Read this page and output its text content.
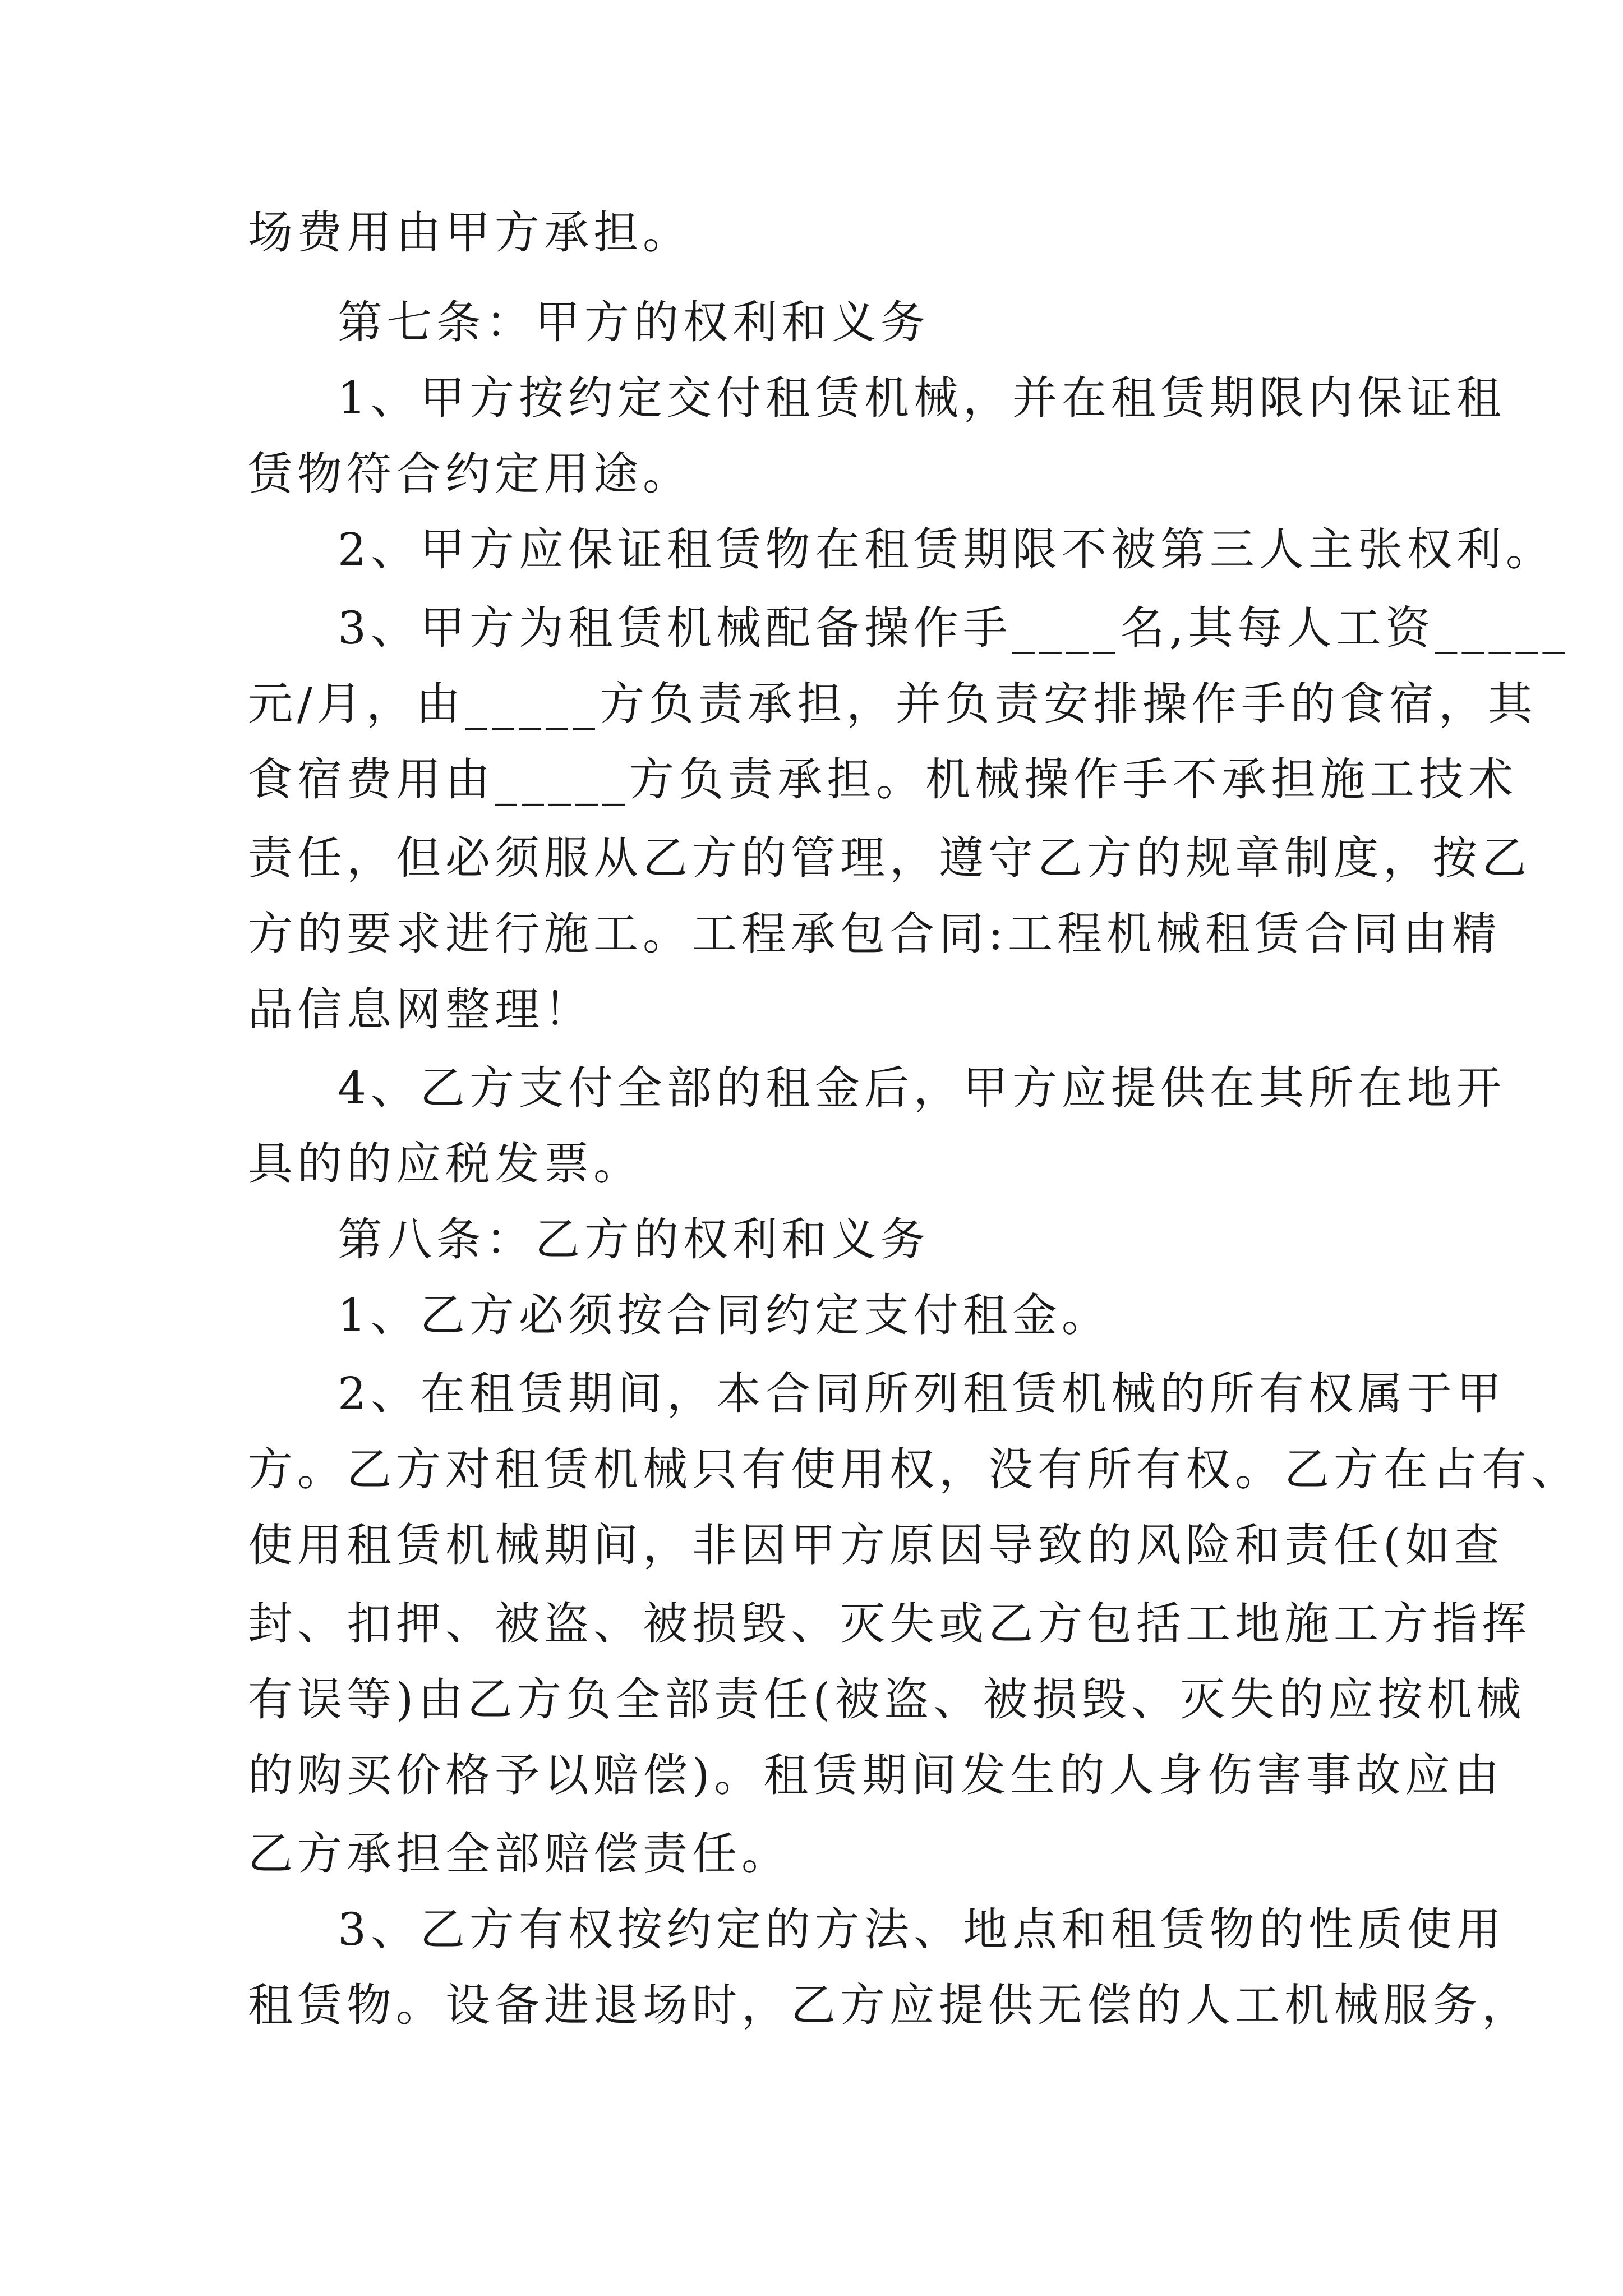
场费用由甲方承担。
第七条：甲方的权利和义务
1、甲方按约定交付租赁机械，并在租赁期限内保证租
赁物符合约定用途。
2、甲方应保证租赁物在租赁期限不被第三人主张权利。
3、甲方为租赁机械配备操作手____名,其每人工资_____
元/月，由_____方负责承担，并负责安排操作手的食宿，其
食宿费用由_____方负责承担。机械操作手不承担施工技术
责任，但必须服从乙方的管理，遵守乙方的规章制度，按乙
方的要求进行施工。工程承包合同:工程机械租赁合同由精
品信息网整理！
4、乙方支付全部的租金后，甲方应提供在其所在地开
具的的应税发票。
第八条：乙方的权利和义务
1、乙方必须按合同约定支付租金。
2、在租赁期间，本合同所列租赁机械的所有权属于甲
方。乙方对租赁机械只有使用权，没有所有权。乙方在占有、
使用租赁机械期间，非因甲方原因导致的风险和责任(如查
封、扣押、被盗、被损毁、灭失或乙方包括工地施工方指挥
有误等)由乙方负全部责任(被盗、被损毁、灭失的应按机械
的购买价格予以赔偿)。租赁期间发生的人身伤害事故应由
乙方承担全部赔偿责任。
3、乙方有权按约定的方法、地点和租赁物的性质使用
租赁物。设备进退场时，乙方应提供无偿的人工机械服务，
